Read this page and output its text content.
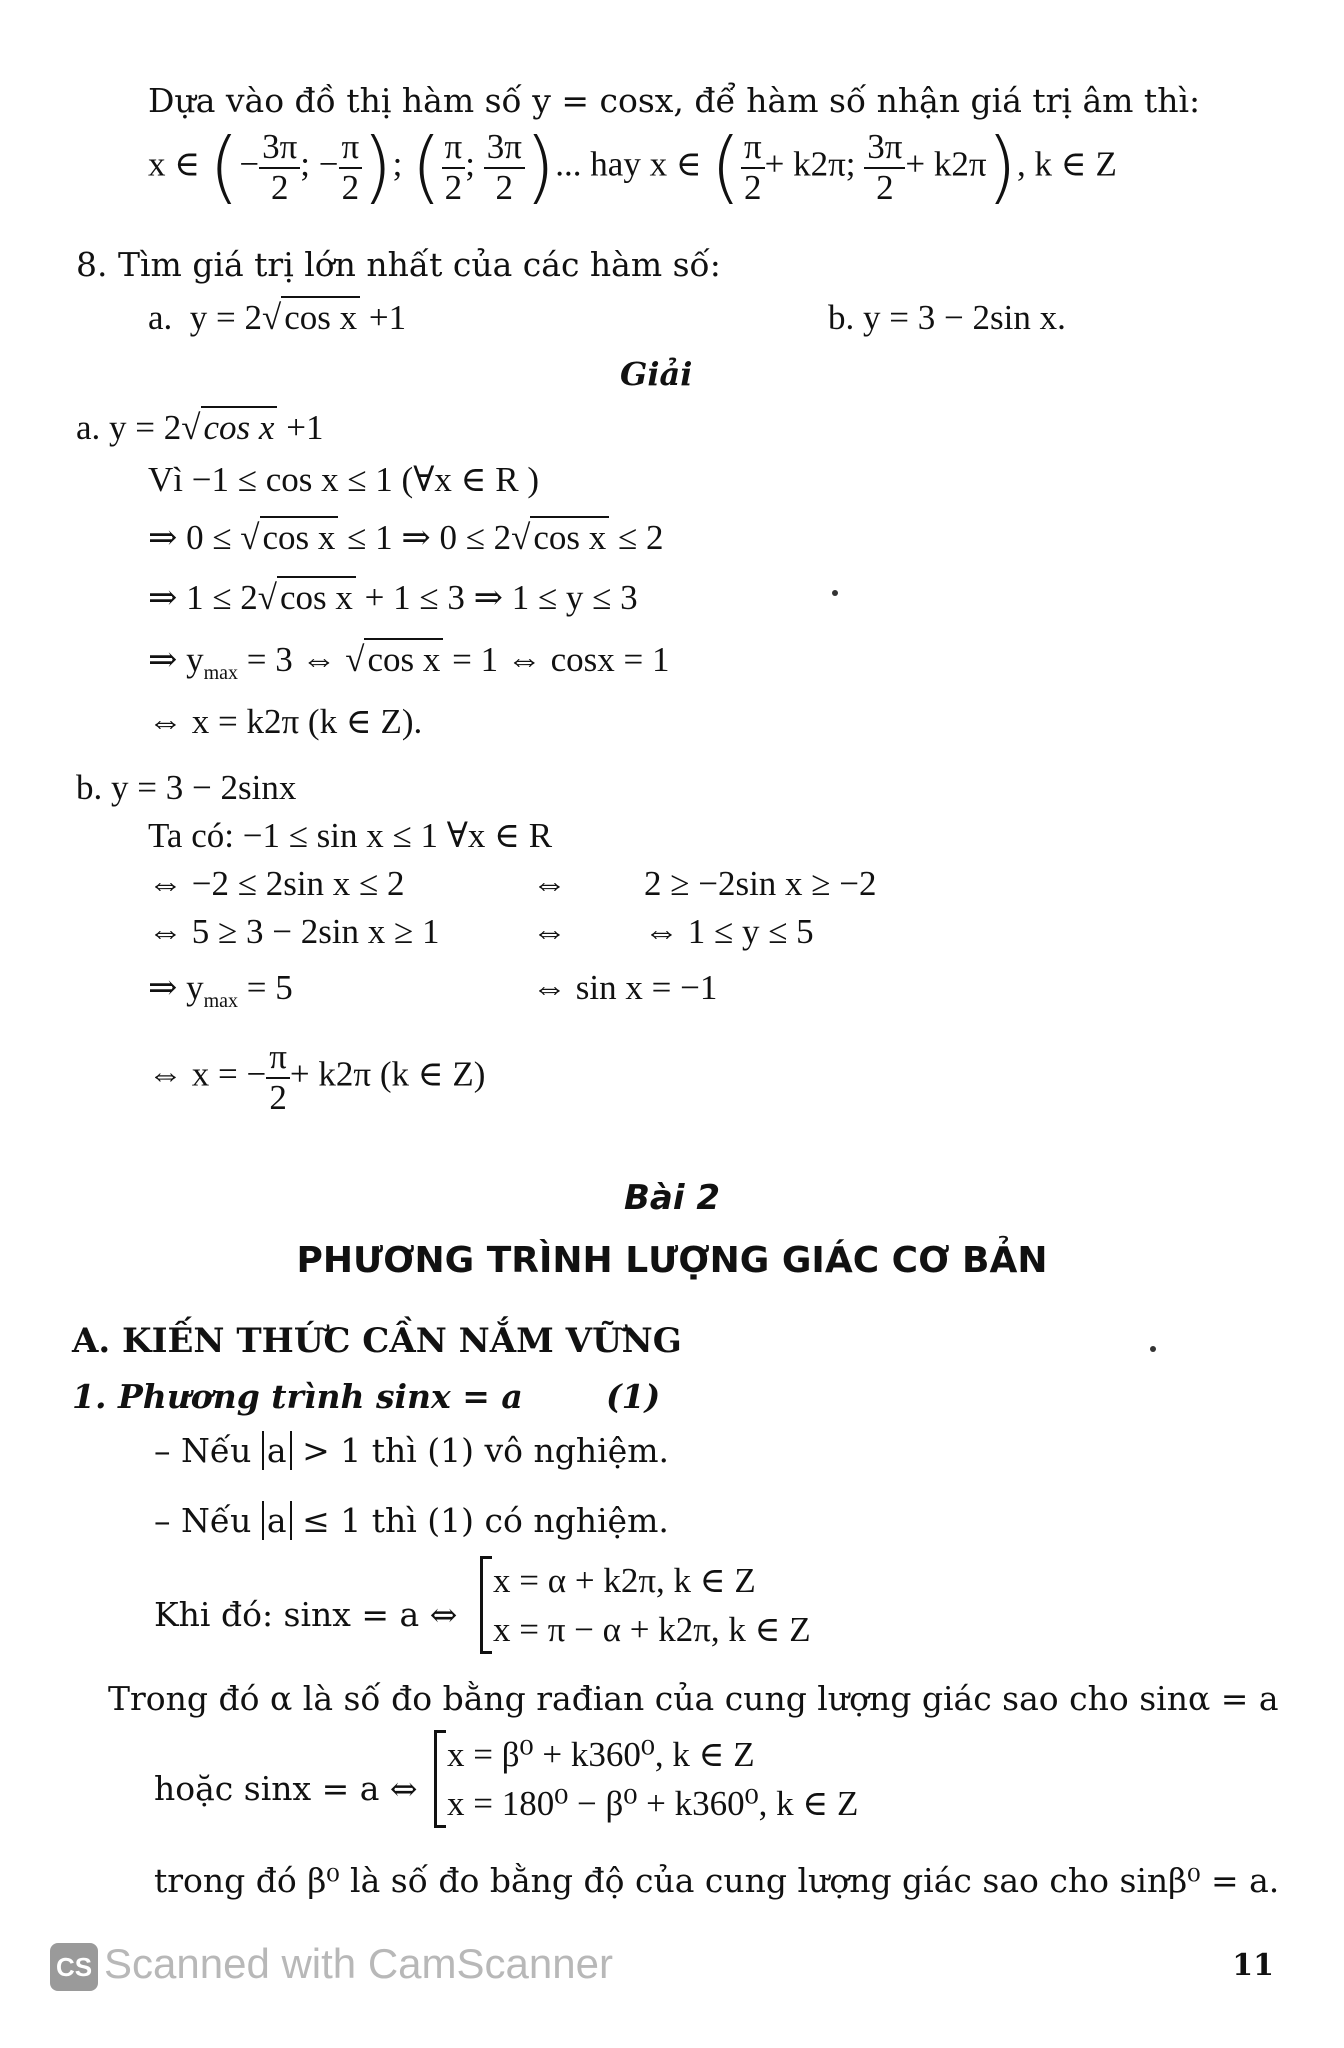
Dựa vào đồ thị hàm số y = cosx, để hàm số nhận giá trị âm thì:
x ∈ (− $\frac{3\pi}{2}$ ; − $\frac{\pi}{2}$ ); ( $\frac{\pi}{2}$ ; $\frac{3\pi}{2}$ )... hay x ∈ ( $\frac{\pi}{2} + k2\pi$; $\frac{3\pi}{2} + k2\pi$), k ∈ Z
8. Tìm giá trị lớn nhất của các hàm số:
a. y = 2√cos x +1	b. y = 3 − 2sin x.
Giải
a. y = 2√cos x +1
Vì −1 ≤ cos x ≤ 1 (∀x ∈ R )
⇒ 0 ≤ √cos x ≤ 1 ⇒ 0 ≤ 2√cos x ≤ 2
⇒ 1 ≤ 2√cos x + 1 ≤ 3 ⇒ 1 ≤ y ≤ 3
⇒ $y_{max} = 3$ ⇔ √cos x = 1 ⇔ cosx = 1
⇔ x = k2π (k ∈ Z).
b. y = 3 − 2sinx
Ta có: −1 ≤ sin x ≤ 1 ∀x ∈ R
⇔ −2 ≤ 2sin x ≤ 2	⇔ 2 ≥ −2sin x ≥ −2
⇔ 5 ≥ 3 − 2sin x ≥ 1	⇔ ⇔ 1 ≤ y ≤ 5
⇒ $y_{max} = 5$	⇔ sin x = −1
⇔ x = − $\frac{\pi}{2} + k2\pi$ (k ∈ Z)
Bài 2
PHƯƠNG TRÌNH LƯỢNG GIÁC CƠ BẢN
A. KIẾN THỨC CẦN NẮM VỮNG
1. Phương trình sinx = a	(1)
– Nếu a > 1 thì (1) vô nghiệm.
– Nếu a ≤ 1 thì (1) có nghiệm.
Khi đó: sinx = a ⇔
x = α + k2π, k ∈ Z
x = π − α + k2π, k ∈ Z
Trong đó α là số đo bằng rađian của cung lượng giác sao cho sinα = a
hoặc sinx = a ⇔
x = β⁰ + k360⁰, k ∈ Z
x = 180⁰ − β⁰ + k360⁰, k ∈ Z
trong đó β⁰ là số đo bằng độ của cung lượng giác sao cho sinβ⁰ = a.
CS Scanned with CamScanner	11
